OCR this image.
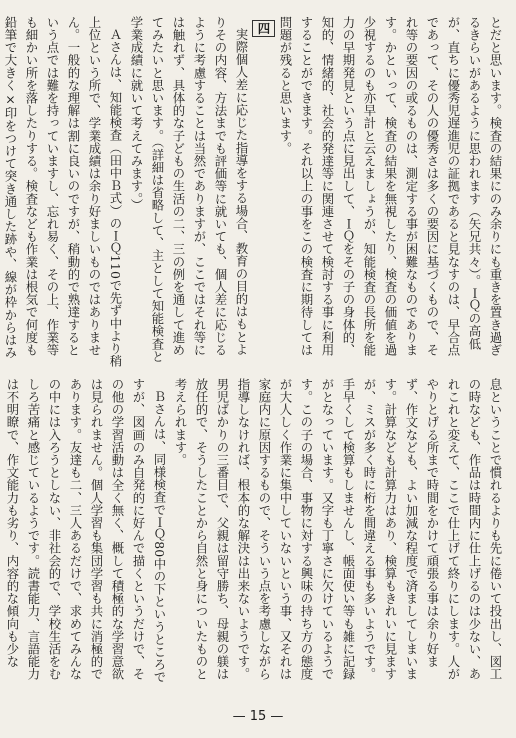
とだと思います。検査の結果にのみ余りにも重きを置き過ぎるきらいがあるように思われます（矢兄共々）。ＩＱの高低が、直ちに優秀児遅進児の証拠であると見なすのは、早合点であって、その人の優秀さは多くの要因に基づくもので、それ等の要因の或るものは、測定する事が困難なものであります。かといって、検査の結果を無視したり、検査の価値を過少視するのも亦早計と云えましょうが、知能検査の長所を能力の早期発見という点に見出して、ＩＱをその子の身体的、知的、情緒的、社会的発達等に関連させて検討する事に利用することができます。それ以上の事をこの検査に期待しては問題が残ると思います。

四

実際個人差に応じた指導をする場合、教育の目的はもとよりその内容、方法までも評価等に就いても、個人差に応じるように考慮することは当然でありますが、ここではそれ等には触れず、具体的な子どもの生活の二、三の例を通して進めてみたいと思います。（詳細は省略して、主として知能検査と学業成績に就いて考えてみます。）

Ａさんは、知能検査（田中Ｂ式）のＩＱ110で先ず中より稍上位という所で、学業成績は余り好ましいものではありません。一般的な理解は割に良いのですが、稍動的で熟達するという点では難を持っていますし、忘れ易く、その上、作業等も細かい所を落したりする。検査なども作業は根気で何度も鉛筆で大きく×印をつけて突き通した跡や、線が枠からはみ

息ということで慣れるよりも先に倦いて投出し、図工の時なども、作品は時間内に仕上げるのは少ない、あれこれと変えて、ここで仕上げて終りにします。人がやりとげる所まで時間をかけて頑張る事は余り好まず、作文なども、よい加減な程度で済ましてしまいます。計算なども計算力はあり、検算もきれいに見ますが、ミスが多く時に桁を間違える事も多いようです。手早くして検算もしませんし、帳面使い等も雑に記録がとなっています。又字も丁寧さに欠けているようです。この子の場合、事物に対する興味の持ち方の態度が大人しく作業に集中していないという事、又それは家庭内に原因するもので、そういう点を考慮しながら指導しなければ、根本的な解決は出来ないようです。男児ばかりの三番目で、父親は留守勝ち、母親の躾は放任的で、そうしたことから自然と身についたものと考えられます。

Ｂさんは、同様検査でＩＱ80中の下というところですが、図画のみ自発的に好んで描くというだけで、その他の学習活動は全く無く、概して積極的な学習意欲は見られません。個人学習も集団学習も共に消極的であります。友達も二、三人あるだけで、求めてみんなの中には入ろうとしない、非社会的で、学校生活をむしろ苦痛と感じているようです。読書能力、言語能力は不明瞭で、作文能力も劣り、内容的な傾向も少な

— 15 —
